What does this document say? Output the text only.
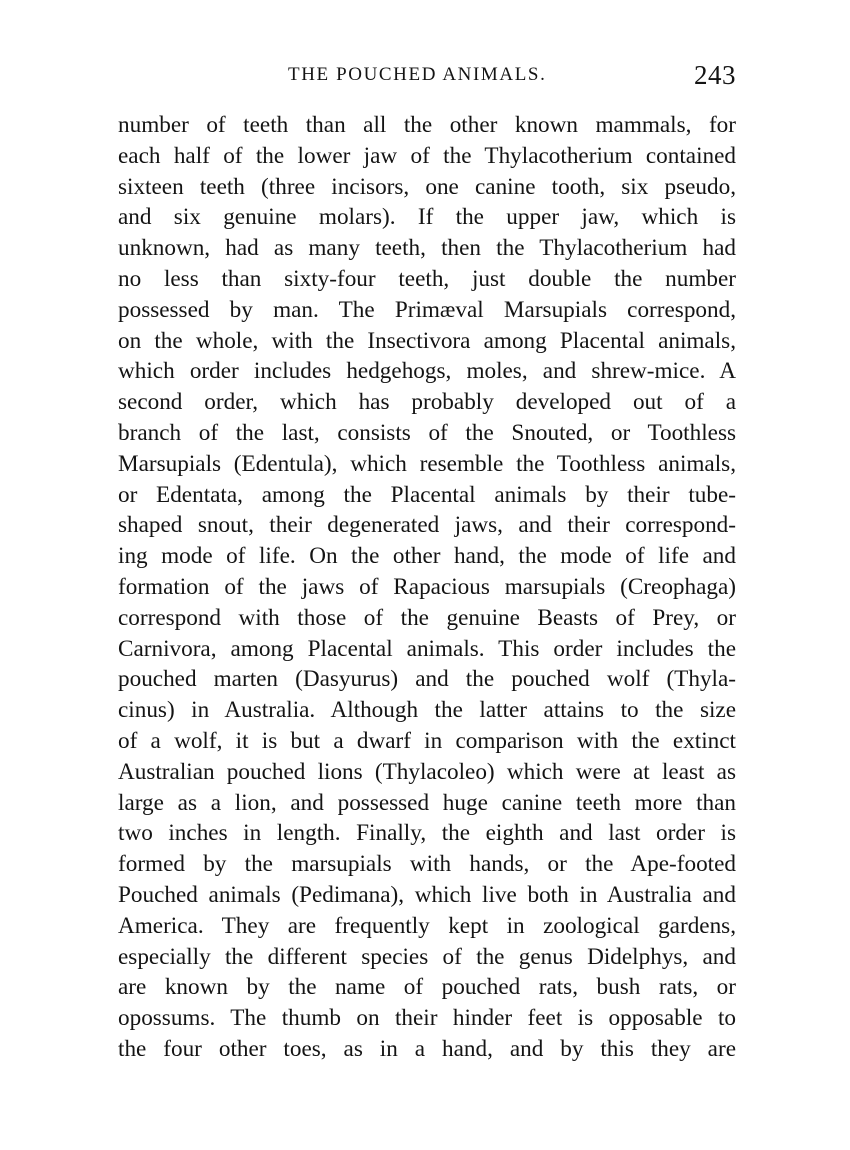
THE POUCHED ANIMALS.	243
number of teeth than all the other known mammals, for
each half of the lower jaw of the Thylacotherium contained
sixteen teeth (three incisors, one canine tooth, six pseudo,
and six genuine molars). If the upper jaw, which is
unknown, had as many teeth, then the Thylacotherium had
no less than sixty-four teeth, just double the number
possessed by man. The Primæval Marsupials correspond,
on the whole, with the Insectivora among Placental animals,
which order includes hedgehogs, moles, and shrew-mice. A
second order, which has probably developed out of a
branch of the last, consists of the Snouted, or Toothless
Marsupials (Edentula), which resemble the Toothless animals,
or Edentata, among the Placental animals by their tube-
shaped snout, their degenerated jaws, and their correspond-
ing mode of life. On the other hand, the mode of life and
formation of the jaws of Rapacious marsupials (Creophaga)
correspond with those of the genuine Beasts of Prey, or
Carnivora, among Placental animals. This order includes the
pouched marten (Dasyurus) and the pouched wolf (Thyla-
cinus) in Australia. Although the latter attains to the size
of a wolf, it is but a dwarf in comparison with the extinct
Australian pouched lions (Thylacoleo) which were at least as
large as a lion, and possessed huge canine teeth more than
two inches in length. Finally, the eighth and last order is
formed by the marsupials with hands, or the Ape-footed
Pouched animals (Pedimana), which live both in Australia and
America. They are frequently kept in zoological gardens,
especially the different species of the genus Didelphys, and
are known by the name of pouched rats, bush rats, or
opossums. The thumb on their hinder feet is opposable to
the four other toes, as in a hand, and by this they are
